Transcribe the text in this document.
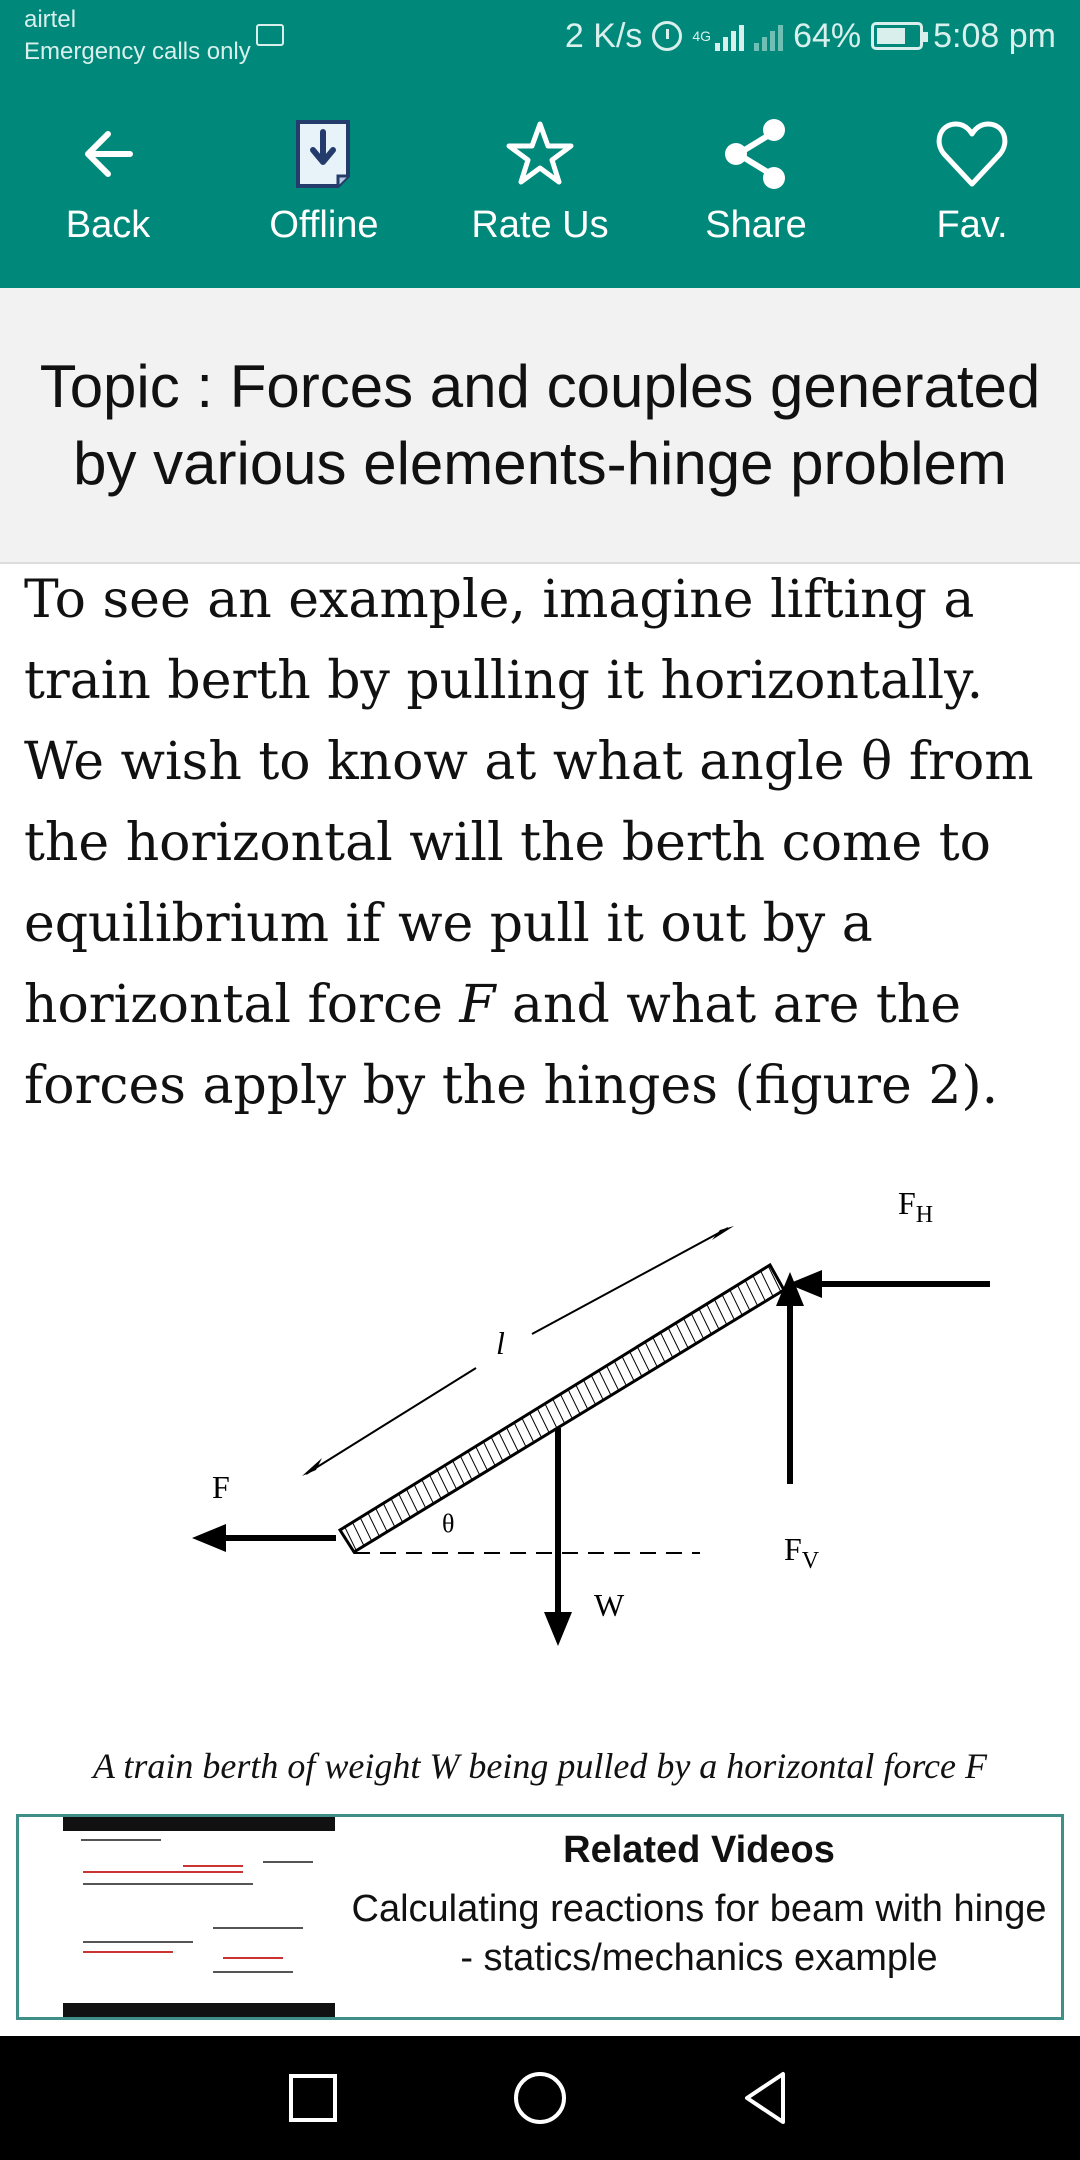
airtel
Emergency calls only	2 K/s	4G 64% 5:08 pm
Back	Offline Rate Us	Share	Fav.
Topic : Forces and couples generated by various elements-hinge problem
To see an example, imagine lifting a train berth by pulling it horizontally. We wish to know at what angle θ from the horizontal will the berth come to equilibrium if we pull it out by a horizontal force F and what are the forces apply by the hinges (figure 2).
l
F
θ
W
$F_V$
$F_H$
A train berth of weight W being pulled by a horizontal force F
Related Videos
Calculating reactions for beam with hinge - statics/mechanics example
